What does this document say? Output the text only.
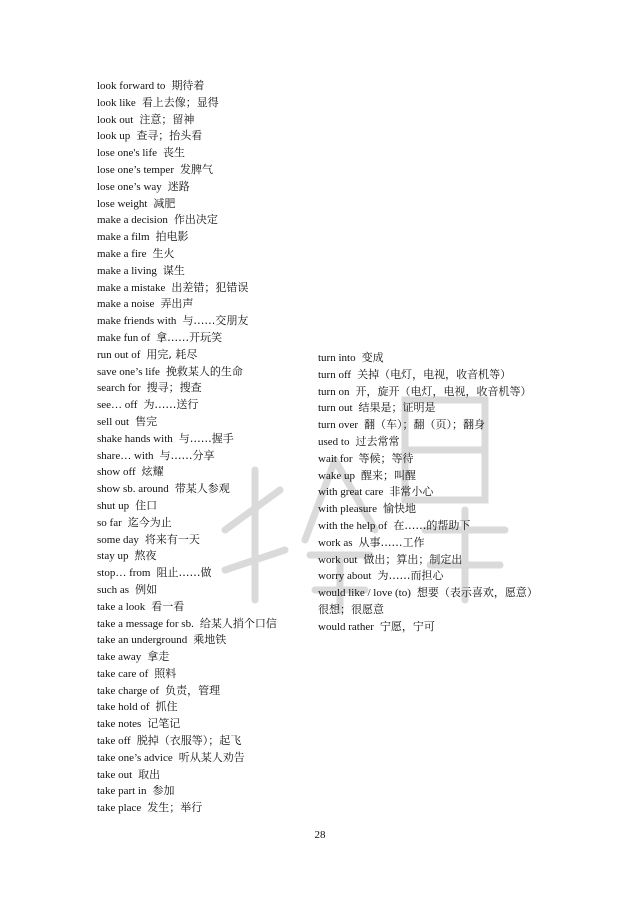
look forward to 期待着
look like 看上去像；显得
look out 注意；留神
look up 查寻；抬头看
lose one's life 丧生
lose one’s temper 发脾气
lose one’s way 迷路
lose weight 减肥
make a decision 作出决定
make a film 拍电影
make a fire 生火
make a living 谋生
make a mistake 出差错；犯错误
make a noise 弄出声
make friends with 与……交朋友
make fun of 拿……开玩笑
run out of 用完, 耗尽
save one’s life 挽救某人的生命
search for 搜寻；搜查
see… off 为……送行
sell out 售完
shake hands with 与……握手
share… with 与……分享
show off 炫耀
show sb. around 带某人参观
shut up 住口
so far 迄今为止
some day 将来有一天
stay up 熬夜
stop… from 阻止……做
such as 例如
take a look 看一看
take a message for sb. 给某人捎个口信
take an underground 乘地铁
take away 拿走
take care of 照料
take charge of 负责，管理
take hold of 抓住
take notes 记笔记
take off 脱掉（衣服等）；起飞
take one’s advice 听从某人劝告
take out 取出
take part in 参加
take place 发生；举行
turn into 变成
turn off 关掉（电灯，电视，收音机等）
turn on 开，旋开（电灯，电视，收音机等）
turn out 结果是；证明是
turn over 翻（车）；翻（页）；翻身
used to 过去常常
wait for 等候；等待
wake up 醒来；叫醒
with great care 非常小心
with pleasure 愉快地
with the help of 在……的帮助下
work as 从事……工作
work out 做出；算出；制定出
worry about 为……而担心
would like / love (to) 想要（表示喜欢，愿意）很想；很愿意
would rather 宁愿，宁可
28
